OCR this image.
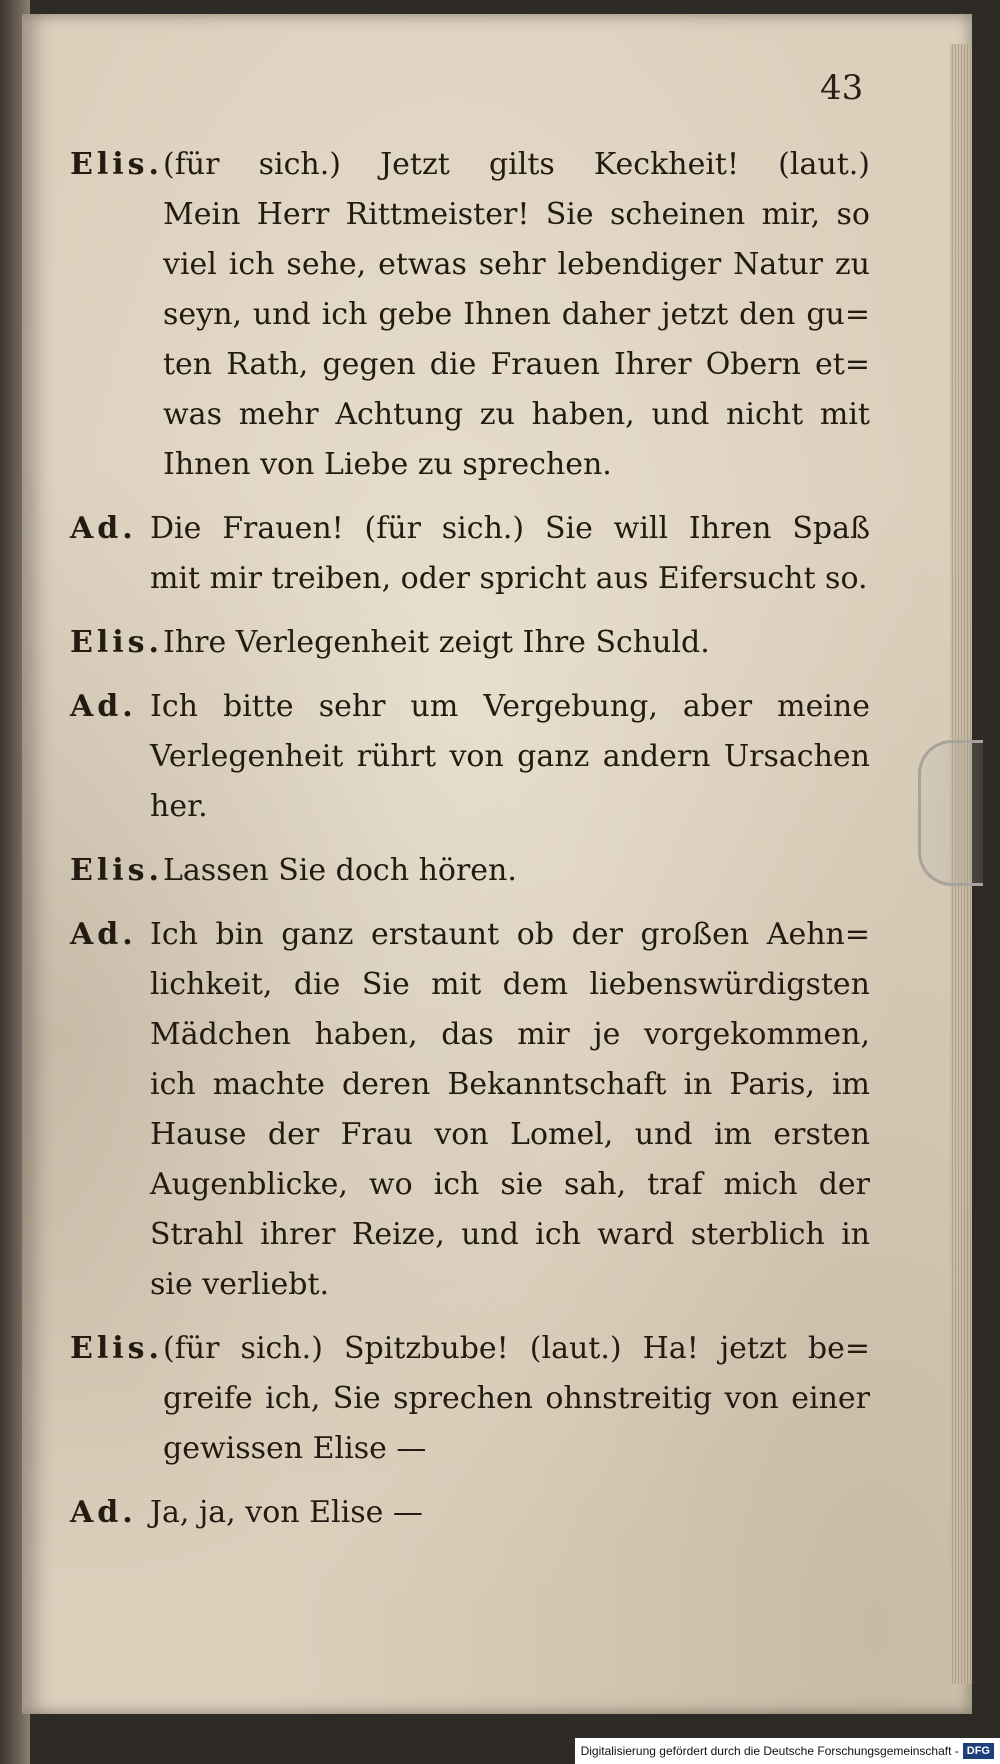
43
Elis. (für sich.) Jetzt gilts Keckheit! (laut.)
Mein Herr Rittmeister! Sie scheinen mir, so
viel ich sehe, etwas sehr lebendiger Natur zu
seyn, und ich gebe Ihnen daher jetzt den gu=
ten Rath, gegen die Frauen Ihrer Obern et=
was mehr Achtung zu haben, und nicht mit
Ihnen von Liebe zu sprechen.
Ad. Die Frauen! (für sich.) Sie will Ihren Spaß
mit mir treiben, oder spricht aus Eifersucht so.
Elis. Ihre Verlegenheit zeigt Ihre Schuld.
Ad. Ich bitte sehr um Vergebung, aber meine
Verlegenheit rührt von ganz andern Ursachen
her.
Elis. Lassen Sie doch hören.
Ad. Ich bin ganz erstaunt ob der großen Aehn=
lichkeit, die Sie mit dem liebenswürdigsten
Mädchen haben, das mir je vorgekommen,
ich machte deren Bekanntschaft in Paris, im
Hause der Frau von Lomel, und im ersten
Augenblicke, wo ich sie sah, traf mich der
Strahl ihrer Reize, und ich ward sterblich in
sie verliebt.
Elis. (für sich.) Spitzbube! (laut.) Ha! jetzt be=
greife ich, Sie sprechen ohnstreitig von einer
gewissen Elise —
Ad. Ja, ja, von Elise —
Digitalisierung gefördert durch die Deutsche Forschungsgemeinschaft - DFG
